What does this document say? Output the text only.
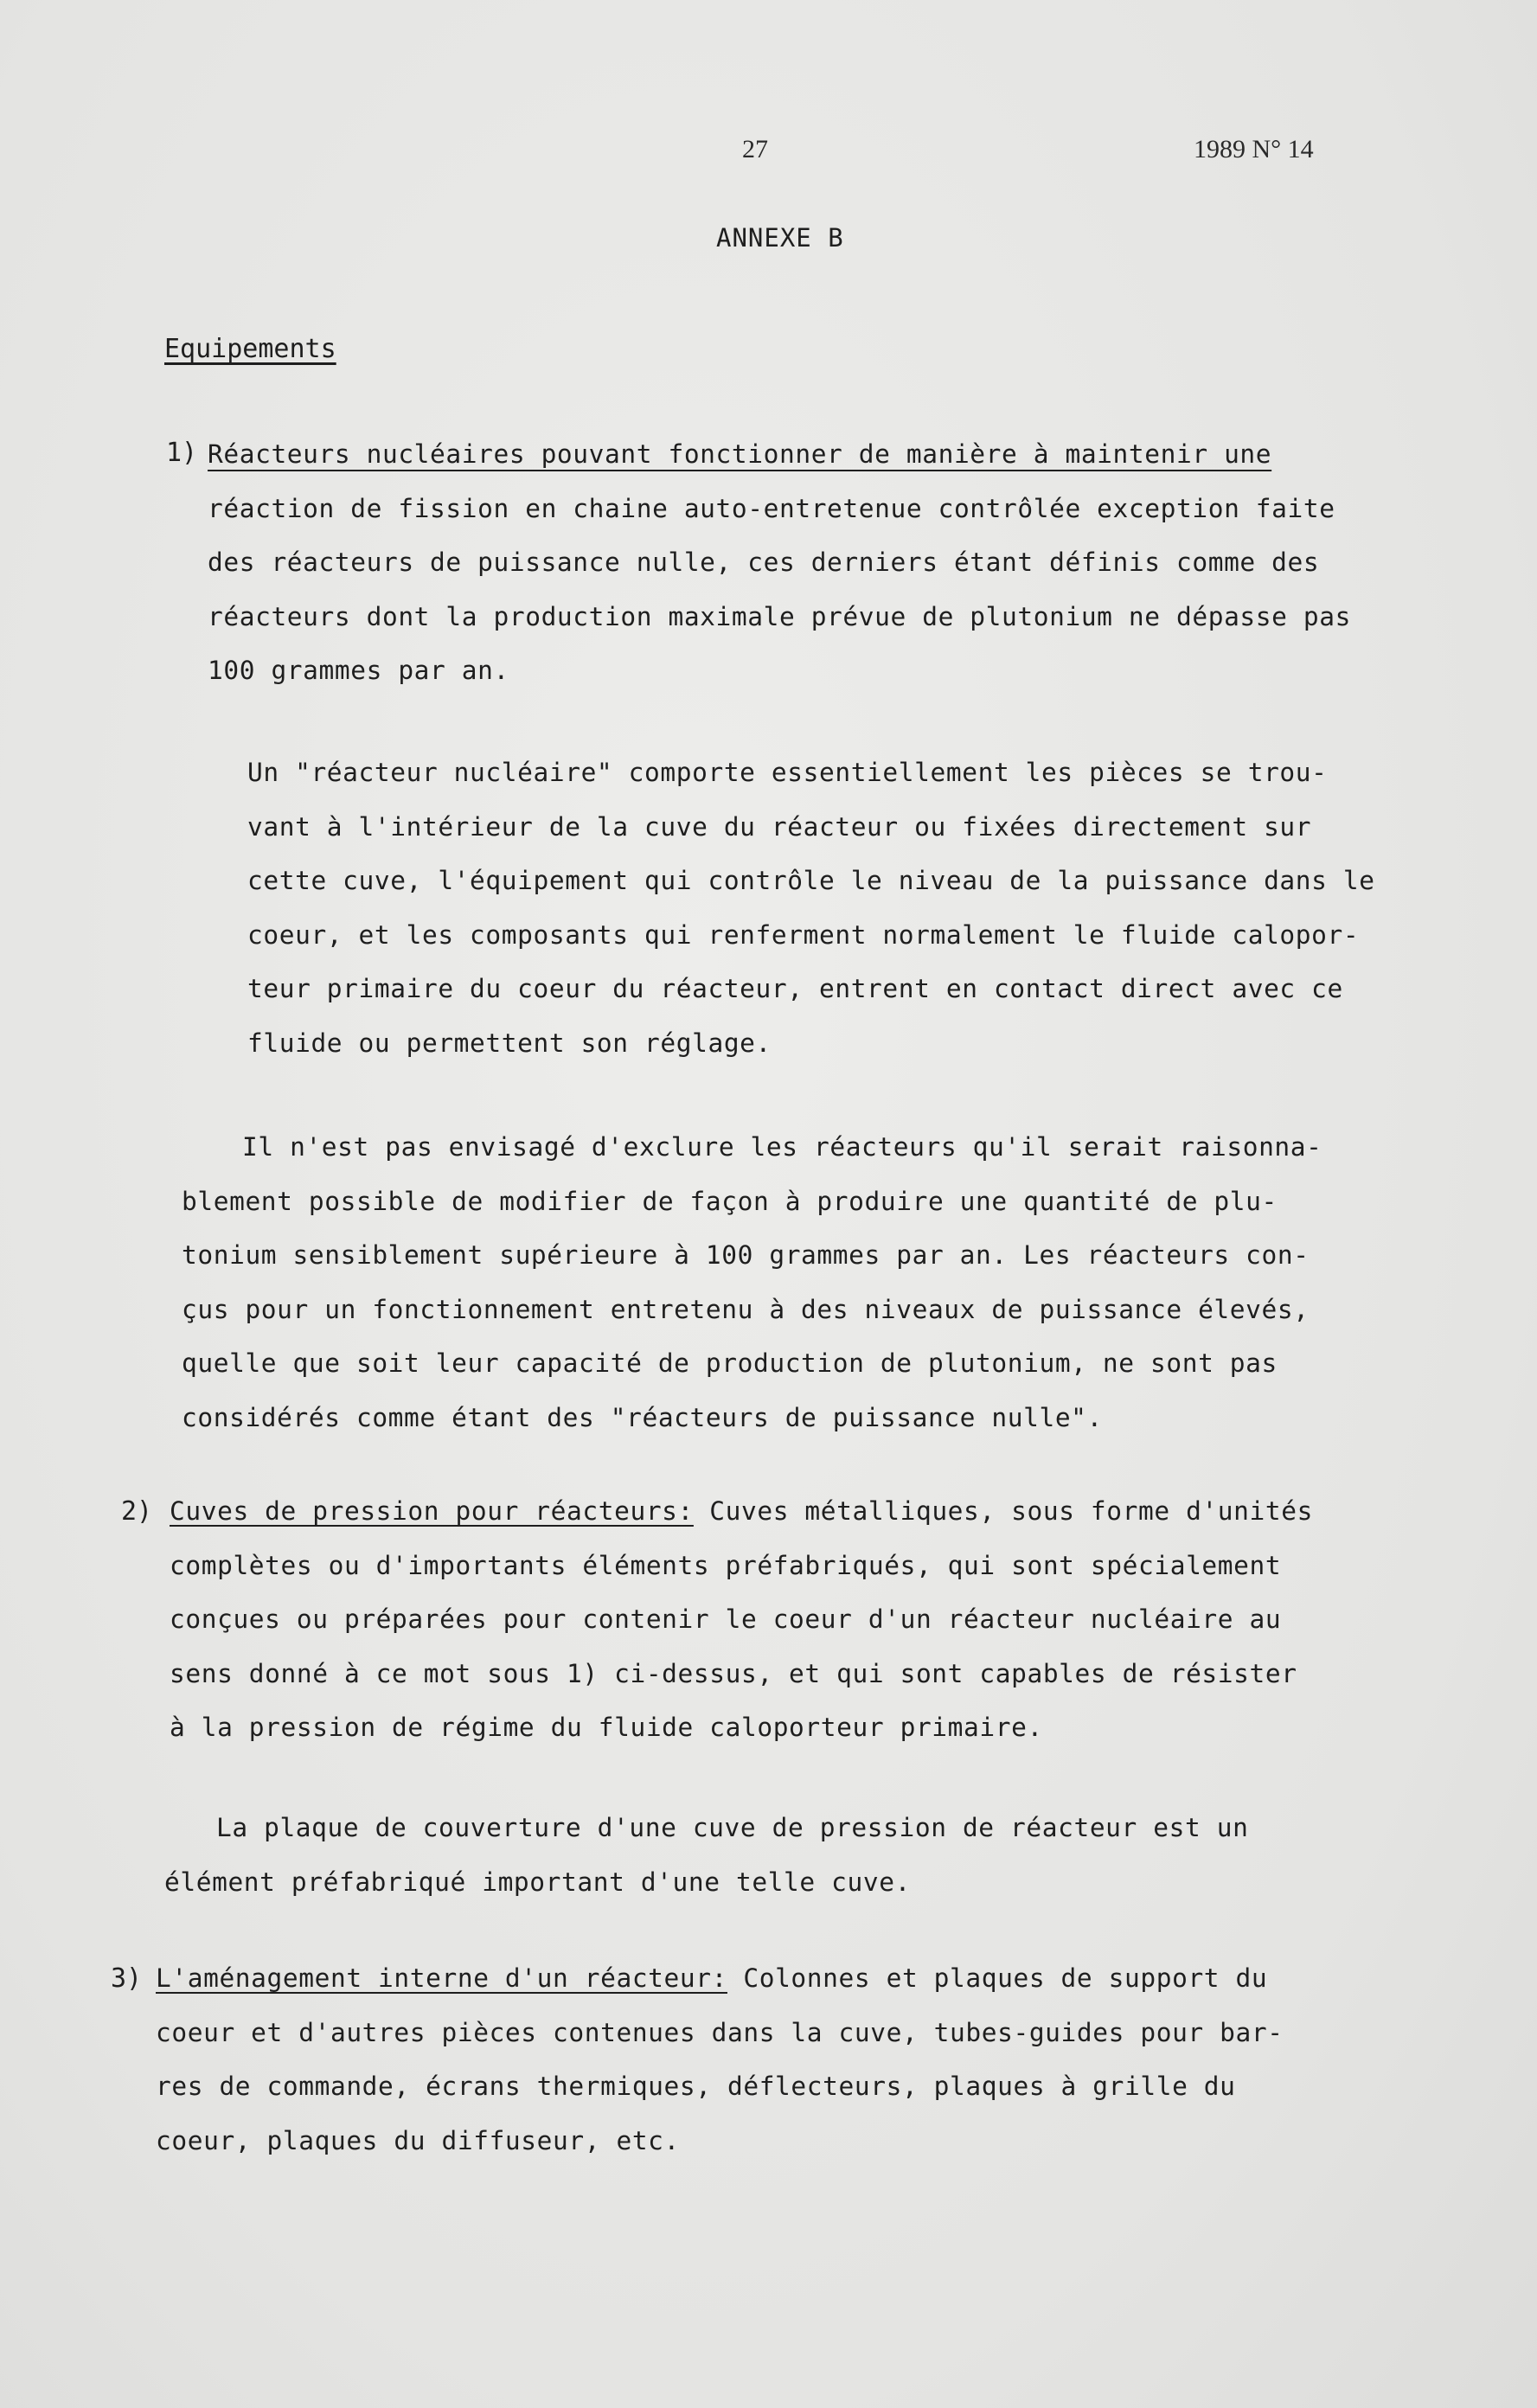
27	1989 N° 14
ANNEXE B
Equipements
1) Réacteurs nucléaires pouvant fonctionner de manière à maintenir une
réaction de fission en chaine auto-entretenue contrôlée exception faite
des réacteurs de puissance nulle, ces derniers étant définis comme des
réacteurs dont la production maximale prévue de plutonium ne dépasse pas
100 grammes par an.
Un "réacteur nucléaire" comporte essentiellement les pièces se trou-
vant à l'intérieur de la cuve du réacteur ou fixées directement sur
cette cuve, l'équipement qui contrôle le niveau de la puissance dans le
coeur, et les composants qui renferment normalement le fluide calopor-
teur primaire du coeur du réacteur, entrent en contact direct avec ce
fluide ou permettent son réglage.
Il n'est pas envisagé d'exclure les réacteurs qu'il serait raisonna-
blement possible de modifier de façon à produire une quantité de plu-
tonium sensiblement supérieure à 100 grammes par an. Les réacteurs con-
çus pour un fonctionnement entretenu à des niveaux de puissance élevés,
quelle que soit leur capacité de production de plutonium, ne sont pas
considérés comme étant des "réacteurs de puissance nulle".
2) Cuves de pression pour réacteurs: Cuves métalliques, sous forme d'unités
complètes ou d'importants éléments préfabriqués, qui sont spécialement
conçues ou préparées pour contenir le coeur d'un réacteur nucléaire au
sens donné à ce mot sous 1) ci-dessus, et qui sont capables de résister
à la pression de régime du fluide caloporteur primaire.
La plaque de couverture d'une cuve de pression de réacteur est un
élément préfabriqué important d'une telle cuve.
3) L'aménagement interne d'un réacteur: Colonnes et plaques de support du
coeur et d'autres pièces contenues dans la cuve, tubes-guides pour bar-
res de commande, écrans thermiques, déflecteurs, plaques à grille du
coeur, plaques du diffuseur, etc.
